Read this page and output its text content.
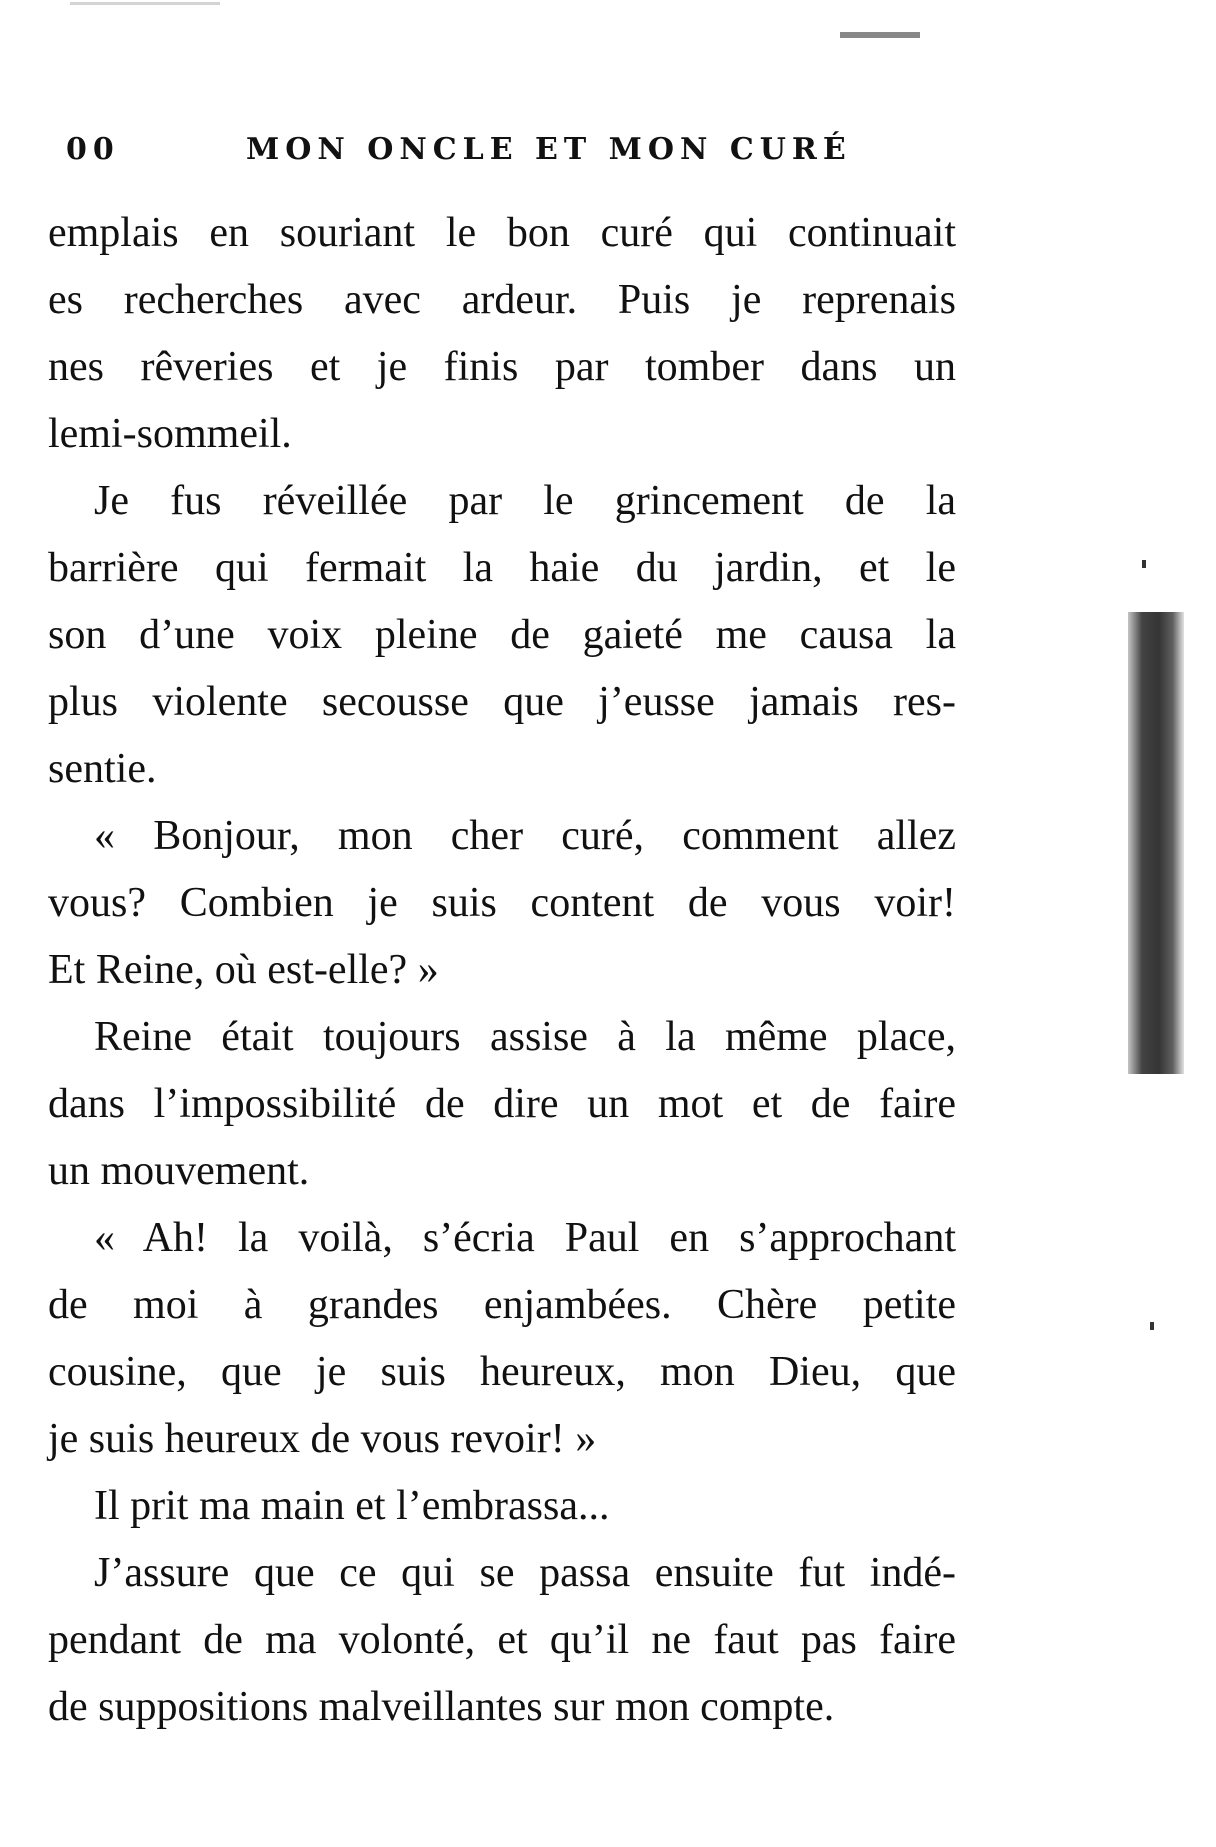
00	MON ONCLE ET MON CURÉ
emplais en souriant le bon curé qui continuait
es recherches avec ardeur. Puis je reprenais
nes rêveries et je finis par tomber dans un
lemi-sommeil.
Je fus réveillée par le grincement de la
barrière qui fermait la haie du jardin, et le
son d’une voix pleine de gaieté me causa la
plus violente secousse que j’eusse jamais res-
sentie.
« Bonjour, mon cher curé, comment allez
vous? Combien je suis content de vous voir!
Et Reine, où est-elle? »
Reine était toujours assise à la même place,
dans l’impossibilité de dire un mot et de faire
un mouvement.
« Ah! la voilà, s’écria Paul en s’approchant
de moi à grandes enjambées. Chère petite
cousine, que je suis heureux, mon Dieu, que
je suis heureux de vous revoir! »
Il prit ma main et l’embrassa...
J’assure que ce qui se passa ensuite fut indé-
pendant de ma volonté, et qu’il ne faut pas faire
de suppositions malveillantes sur mon compte.
